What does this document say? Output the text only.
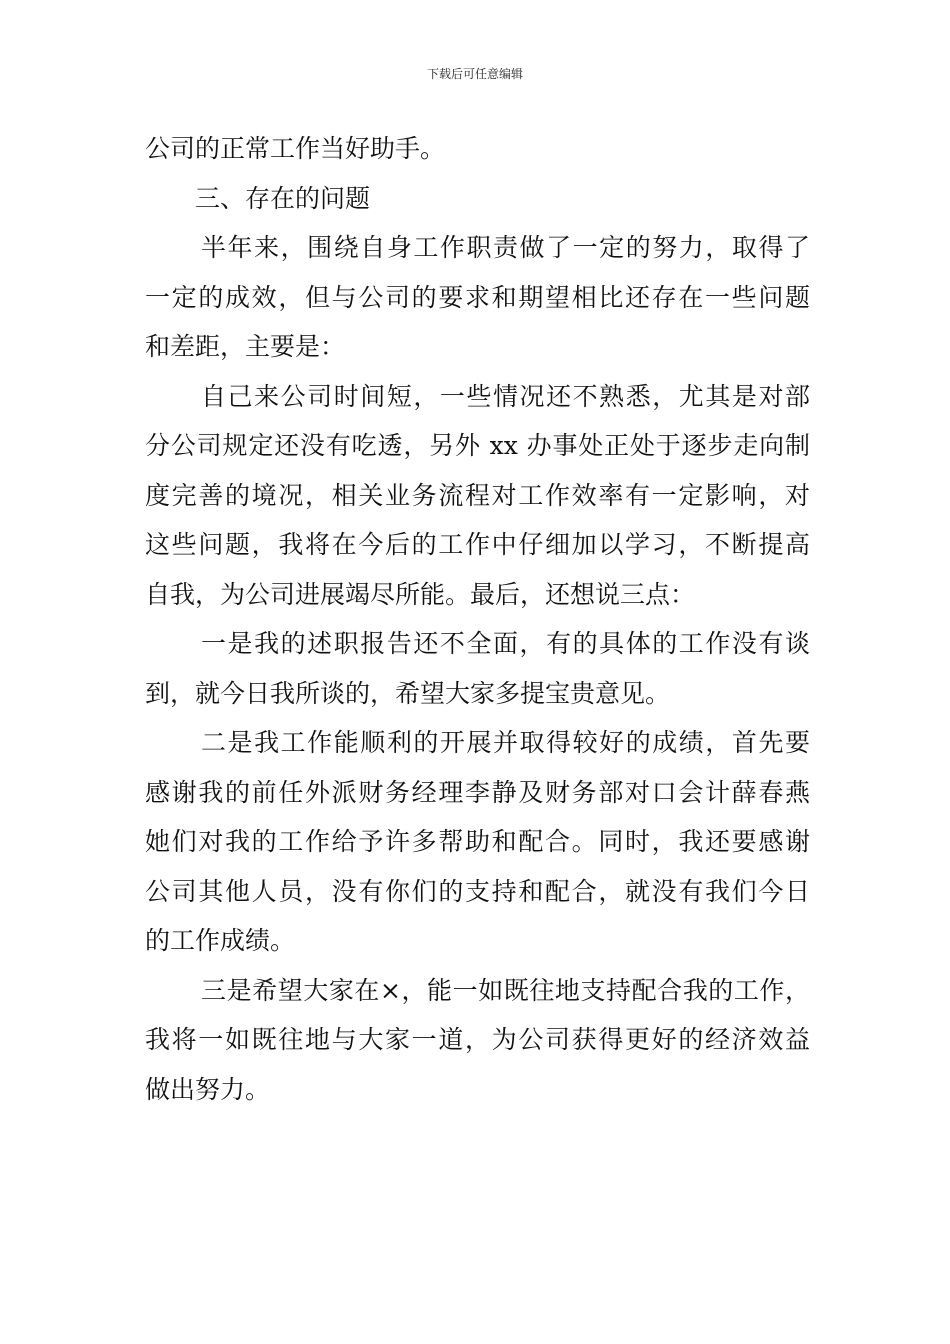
下载后可任意编辑
公司的正常工作当好助手。
三、存在的问题
半年来，围绕自身工作职责做了一定的努力，取得了
一定的成效，但与公司的要求和期望相比还存在一些问题
和差距，主要是：
自己来公司时间短，一些情况还不熟悉，尤其是对部
分公司规定还没有吃透，另外 xx 办事处正处于逐步走向制
度完善的境况，相关业务流程对工作效率有一定影响，对
这些问题，我将在今后的工作中仔细加以学习，不断提高
自我，为公司进展竭尽所能。最后，还想说三点：
一是我的述职报告还不全面，有的具体的工作没有谈
到，就今日我所谈的，希望大家多提宝贵意见。
二是我工作能顺利的开展并取得较好的成绩，首先要
感谢我的前任外派财务经理李静及财务部对口会计薛春燕
她们对我的工作给予许多帮助和配合。同时，我还要感谢
公司其他人员，没有你们的支持和配合，就没有我们今日
的工作成绩。
三是希望大家在×，能一如既往地支持配合我的工作，
我将一如既往地与大家一道，为公司获得更好的经济效益
做出努力。
